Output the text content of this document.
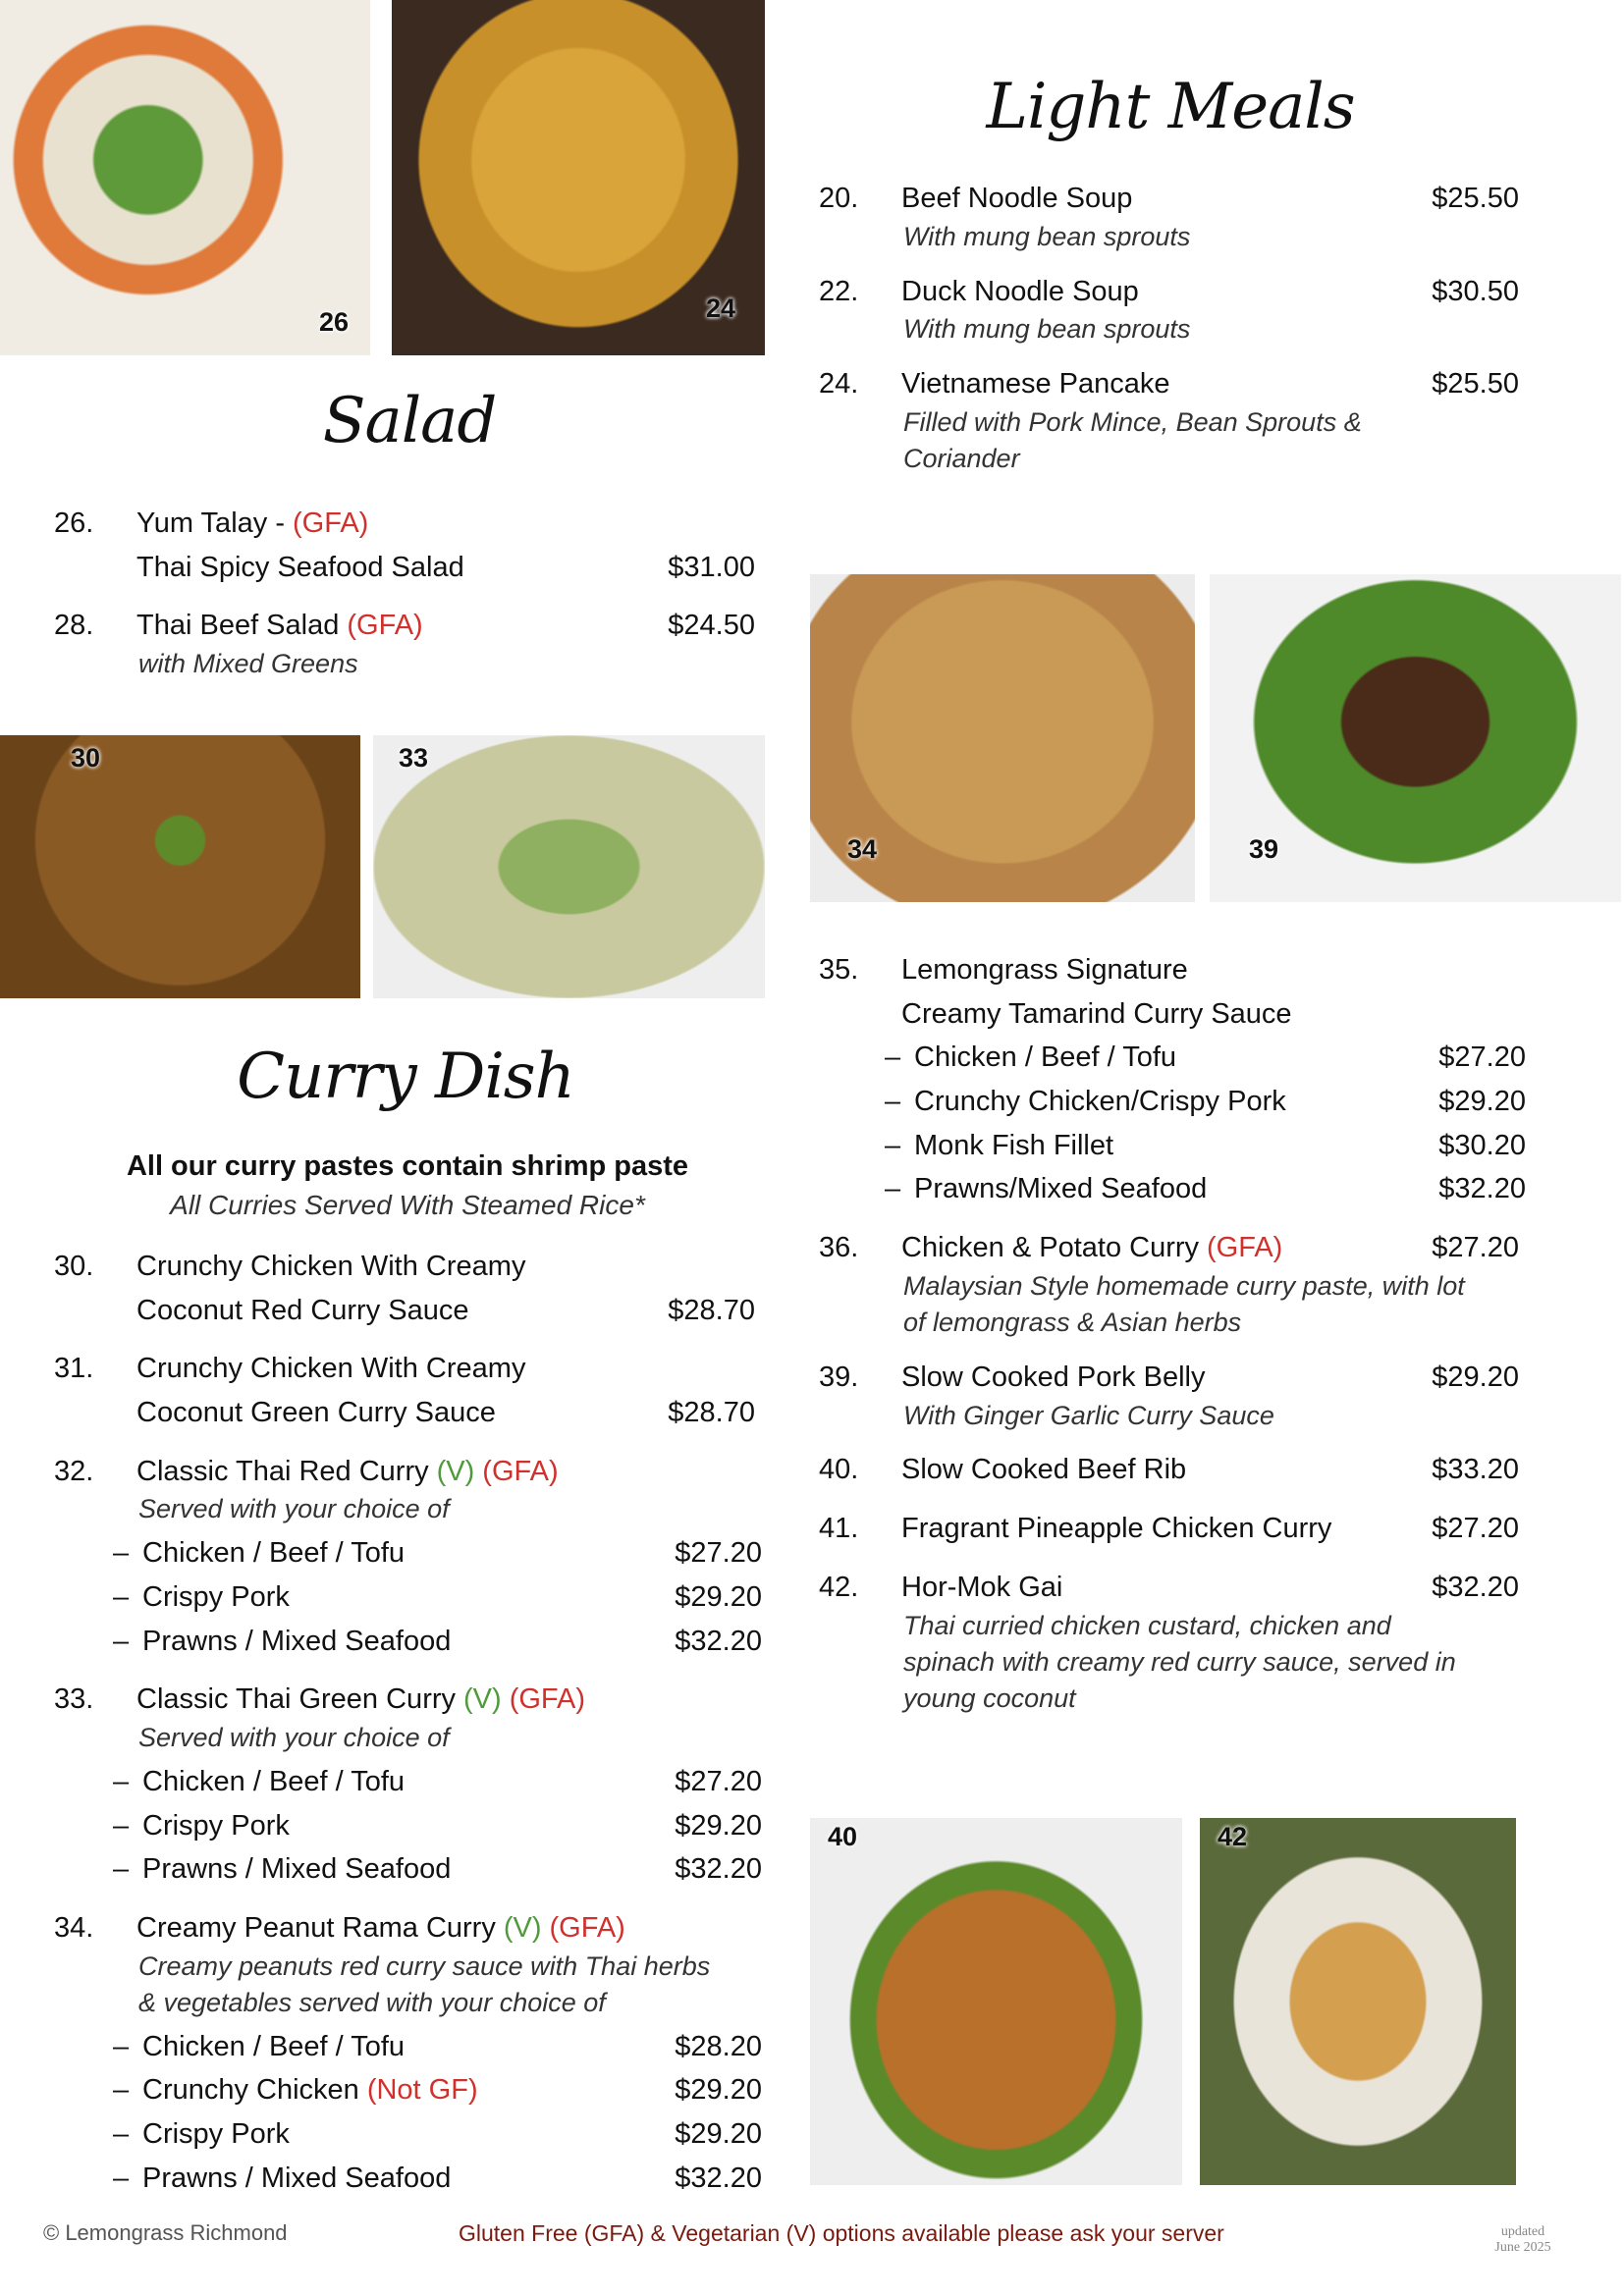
26	24
30	33
34	39
40	42
Salad
Curry Dish
Light Meals
All our curry pastes contain shrimp paste
All Curries Served With Steamed Rice*
26. Yum Talay - (GFA)
Thai Spicy Seafood Salad	$31.00
28. Thai Beef Salad (GFA)	$24.50
with Mixed Greens
30. Crunchy Chicken With Creamy
Coconut Red Curry Sauce	$28.70
31. Crunchy Chicken With Creamy
Coconut Green Curry Sauce	$28.70
32. Classic Thai Red Curry (V) (GFA)
Served with your choice of
– Chicken / Beef / Tofu	$27.20
– Crispy Pork	$29.20
– Prawns / Mixed Seafood	$32.20
33. Classic Thai Green Curry (V) (GFA)
Served with your choice of
– Chicken / Beef / Tofu	$27.20
– Crispy Pork	$29.20
– Prawns / Mixed Seafood	$32.20
34. Creamy Peanut Rama Curry (V) (GFA)
Creamy peanuts red curry sauce with Thai herbs & vegetables served with your choice of
– Chicken / Beef / Tofu	$28.20
– Crunchy Chicken (Not GF)	$29.20
– Crispy Pork	$29.20
– Prawns / Mixed Seafood	$32.20
20. Beef Noodle Soup	$25.50
With mung bean sprouts
22. Duck Noodle Soup	$30.50
With mung bean sprouts
24. Vietnamese Pancake	$25.50
Filled with Pork Mince, Bean Sprouts & Coriander
35. Lemongrass Signature
Creamy Tamarind Curry Sauce
– Chicken / Beef / Tofu	$27.20
– Crunchy Chicken/Crispy Pork	$29.20
– Monk Fish Fillet	$30.20
– Prawns/Mixed Seafood	$32.20
36. Chicken & Potato Curry (GFA)	$27.20
Malaysian Style homemade curry paste, with lot of lemongrass & Asian herbs
39. Slow Cooked Pork Belly	$29.20
With Ginger Garlic Curry Sauce
40. Slow Cooked Beef Rib	$33.20
41. Fragrant Pineapple Chicken Curry	$27.20
42. Hor-Mok Gai	$32.20
Thai curried chicken custard, chicken and spinach with creamy red curry sauce, served in young coconut
© Lemongrass Richmond	Gluten Free (GFA) & Vegetarian (V) options available please ask your server	updated June 2025
